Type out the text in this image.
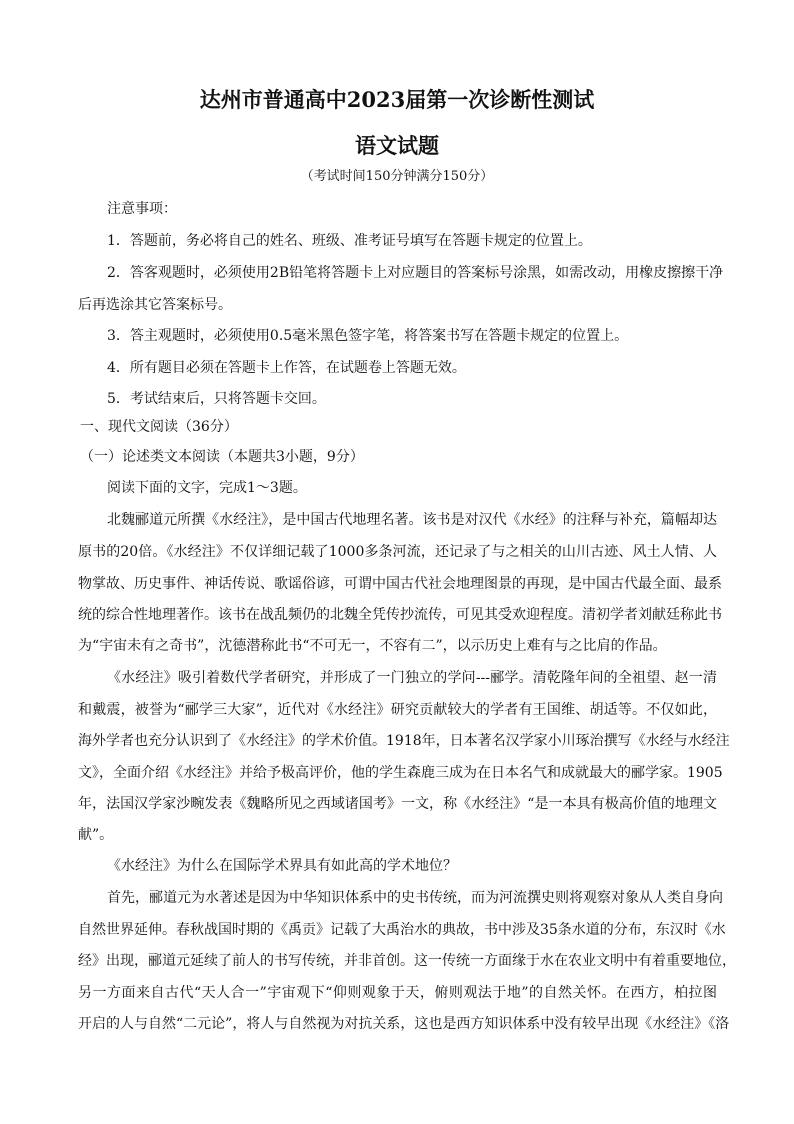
达州市普通高中2023届第一次诊断性测试
语文试题
（考试时间150分钟满分150分）
注意事项：
1．答题前，务必将自己的姓名、班级、准考证号填写在答题卡规定的位置上。
2．答客观题时，必须使用2B铅笔将答题卡上对应题目的答案标号涂黑，如需改动，用橡皮擦擦干净
后再选涂其它答案标号。
3．答主观题时，必须使用0.5毫米黑色签字笔，将答案书写在答题卡规定的位置上。
4．所有题目必须在答题卡上作答，在试题卷上答题无效。
5．考试结束后，只将答题卡交回。
一、现代文阅读（36分）
（一）论述类文本阅读（本题共3小题，9分）
阅读下面的文字，完成1～3题。
北魏郦道元所撰《水经注》，是中国古代地理名著。该书是对汉代《水经》的注释与补充，篇幅却达
原书的20倍。《水经注》不仅详细记载了1000多条河流，还记录了与之相关的山川古迹、风土人情、人
物掌故、历史事件、神话传说、歌谣俗谚，可谓中国古代社会地理图景的再现，是中国古代最全面、最系
统的综合性地理著作。该书在战乱频仍的北魏全凭传抄流传，可见其受欢迎程度。清初学者刘献廷称此书
为“宇宙未有之奇书”，沈德潜称此书“不可无一，不容有二”，以示历史上难有与之比肩的作品。
《水经注》吸引着数代学者研究，并形成了一门独立的学问---郦学。清乾隆年间的全祖望、赵一清
和戴震，被誉为“郦学三大家”，近代对《水经注》研究贡献较大的学者有王国维、胡适等。不仅如此，
海外学者也充分认识到了《水经注》的学术价值。1918年，日本著名汉学家小川琢治撰写《水经与水经注
文》，全面介绍《水经注》并给予极高评价，他的学生森鹿三成为在日本名气和成就最大的郦学家。1905
年，法国汉学家沙畹发表《魏略所见之西域诸国考》一文，称《水经注》“是一本具有极高价值的地理文
献”。
《水经注》为什么在国际学术界具有如此高的学术地位？
首先，郦道元为水著述是因为中华知识体系中的史书传统，而为河流撰史则将观察对象从人类自身向
自然世界延伸。春秋战国时期的《禹贡》记载了大禹治水的典故，书中涉及35条水道的分布，东汉时《水
经》出现，郦道元延续了前人的书写传统，并非首创。这一传统一方面缘于水在农业文明中有着重要地位，
另一方面来自古代“天人合一”宇宙观下“仰则观象于天，俯则观法于地”的自然关怀。在西方，柏拉图
开启的人与自然“二元论”，将人与自然视为对抗关系，这也是西方知识体系中没有较早出现《水经注》《洛
